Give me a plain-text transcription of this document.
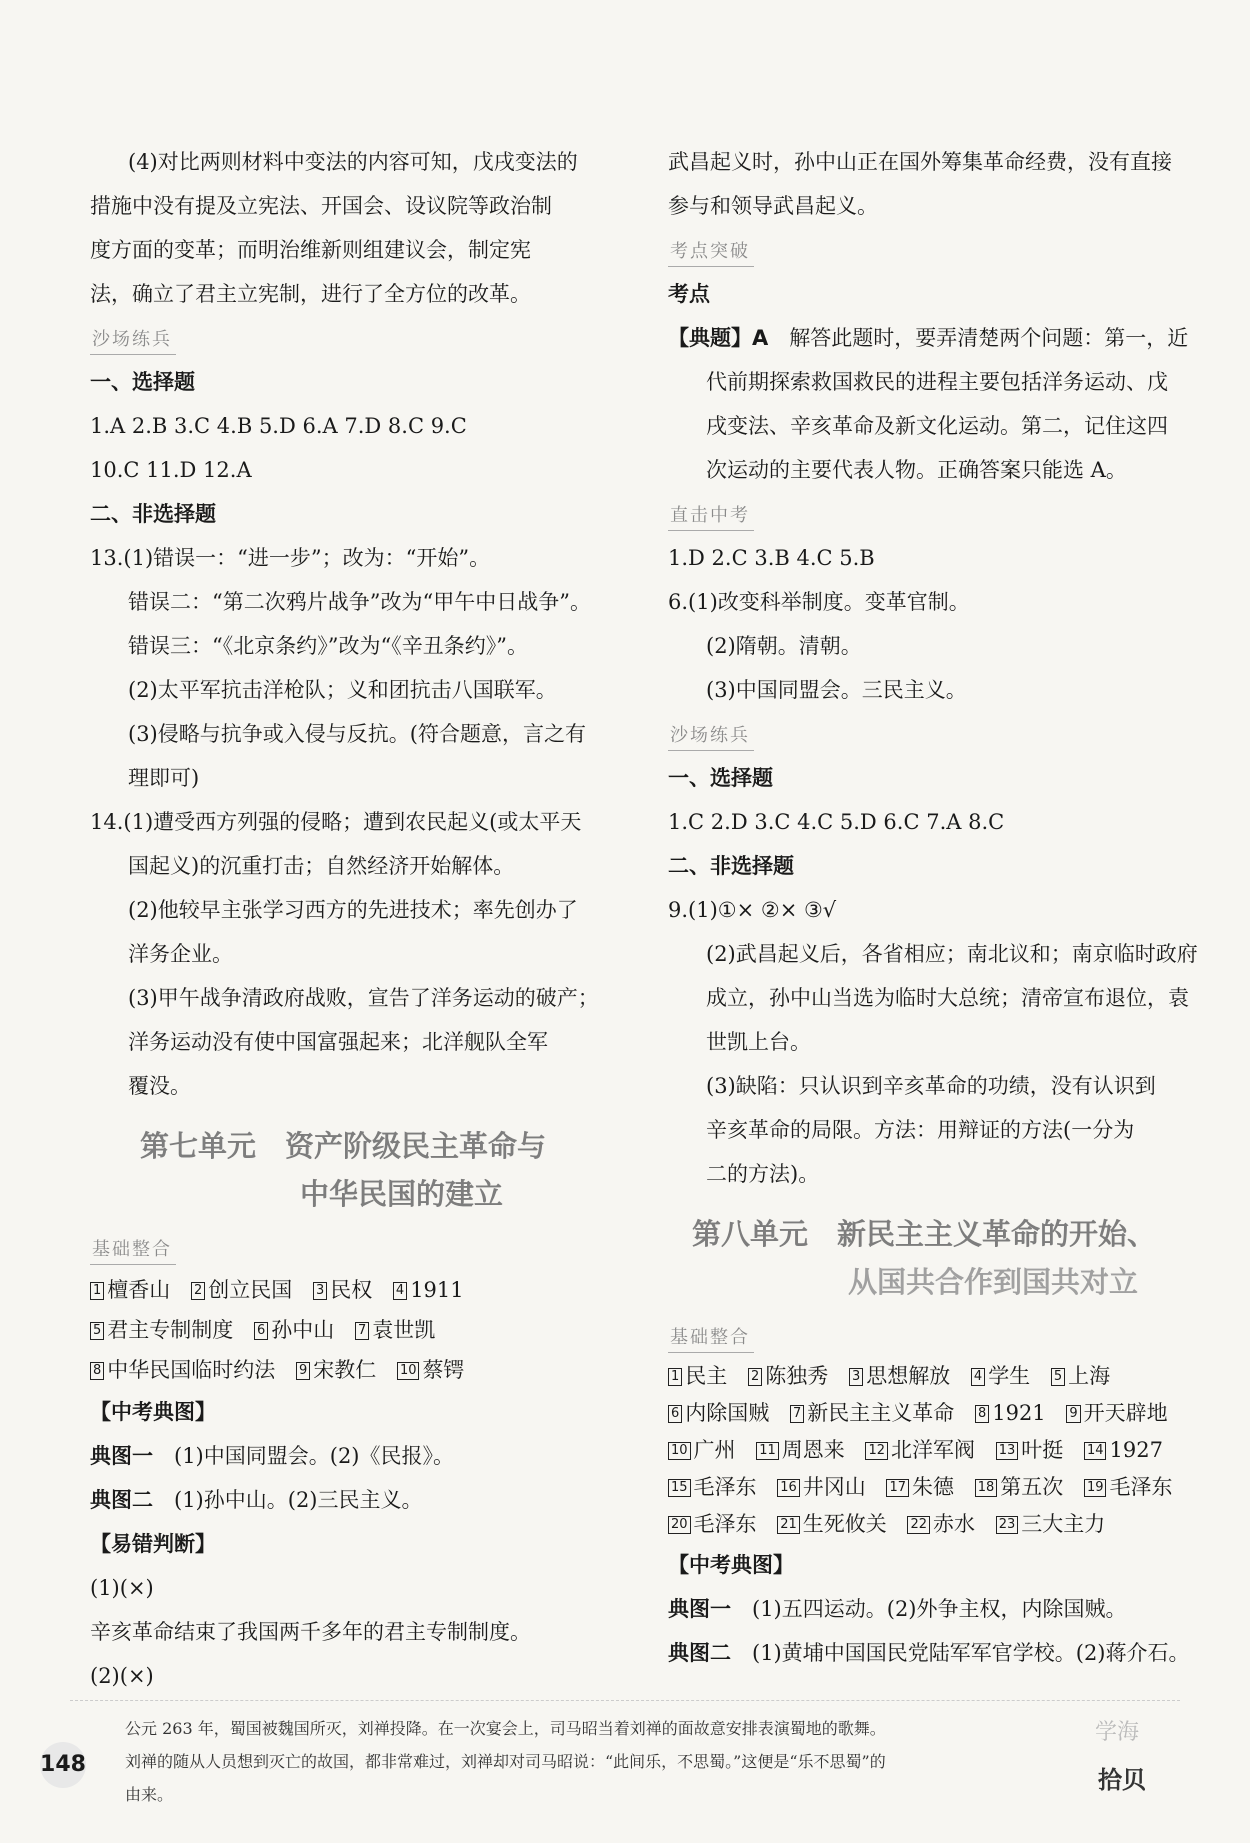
(4)对比两则材料中变法的内容可知，戊戌变法的

措施中没有提及立宪法、开国会、设议院等政治制

度方面的变革；而明治维新则组建议会，制定宪

法，确立了君主立宪制，进行了全方位的改革。

沙场练兵

一、选择题

1.A 2.B 3.C 4.B 5.D 6.A 7.D 8.C 9.C

10.C 11.D 12.A

二、非选择题

13.(1)错误一：“进一步”；改为：“开始”。

错误二：“第二次鸦片战争”改为“甲午中日战争”。

错误三：“《北京条约》”改为“《辛丑条约》”。

(2)太平军抗击洋枪队；义和团抗击八国联军。

(3)侵略与抗争或入侵与反抗。(符合题意，言之有

理即可)

14.(1)遭受西方列强的侵略；遭到农民起义(或太平天

国起义)的沉重打击；自然经济开始解体。

(2)他较早主张学习西方的先进技术；率先创办了

洋务企业。

(3)甲午战争清政府战败，宣告了洋务运动的破产；

洋务运动没有使中国富强起来；北洋舰队全军

覆没。

第七单元　资产阶级民主革命与
中华民国的建立
基础整合
1 檀香山 2 创立民国 3 民权 4 1911 5 君主专制制度 6 孙中山 7 袁世凯 8 中华民国临时约法 9 宋教仁 10 蔡锷

【中考典图】

典图一　 (1)中国同盟会。(2)《民报》。

典图二　 (1)孙中山。(2)三民主义。

【易错判断】

(1)(×)

辛亥革命结束了我国两千多年的君主专制制度。

(2)(×)

武昌起义时，孙中山正在国外筹集革命经费，没有直接

参与和领导武昌起义。

考点突破

考点

【典题】A　 解答此题时，要弄清楚两个问题：第一，近

代前期探索救国救民的进程主要包括洋务运动、戊

戌变法、辛亥革命及新文化运动。第二，记住这四

次运动的主要代表人物。正确答案只能选 A。

直击中考

1.D 2.C 3.B 4.C 5.B

6.(1)改变科举制度。变革官制。

(2)隋朝。清朝。

(3)中国同盟会。三民主义。

沙场练兵

一、选择题

1.C 2.D 3.C 4.C 5.D 6.C 7.A 8.C

二、非选择题

9.(1)①× ②× ③√

(2)武昌起义后，各省相应；南北议和；南京临时政府

成立，孙中山当选为临时大总统；清帝宣布退位，袁

世凯上台。

(3)缺陷：只认识到辛亥革命的功绩，没有认识到

辛亥革命的局限。方法：用辩证的方法(一分为

二的方法)。

第八单元　新民主主义革命的开始、
从国共合作到国共对立
基础整合
1 民主 2 陈独秀 3 思想解放 4 学生 5 上海 6 内除国贼 7 新民主主义革命 8 1921 9 开天辟地 10 广州 11 周恩来 12 北洋军阀 13 叶挺 14 1927 15 毛泽东 16 井冈山 17 朱德 18 第五次 19 毛泽东 20 毛泽东 21 生死攸关 22 赤水 23 三大主力

【中考典图】

典图一　 (1)五四运动。(2)外争主权，内除国贼。

典图二　 (1)黄埔中国国民党陆军军官学校。(2)蒋介石。

148
公元 263 年，蜀国被魏国所灭，刘禅投降。在一次宴会上，司马昭当着刘禅的面故意安排表演蜀地的歌舞。
刘禅的随从人员想到灭亡的故国，都非常难过，刘禅却对司马昭说：“此间乐，不思蜀。”这便是“乐不思蜀”的
由来。
学海
拾贝
